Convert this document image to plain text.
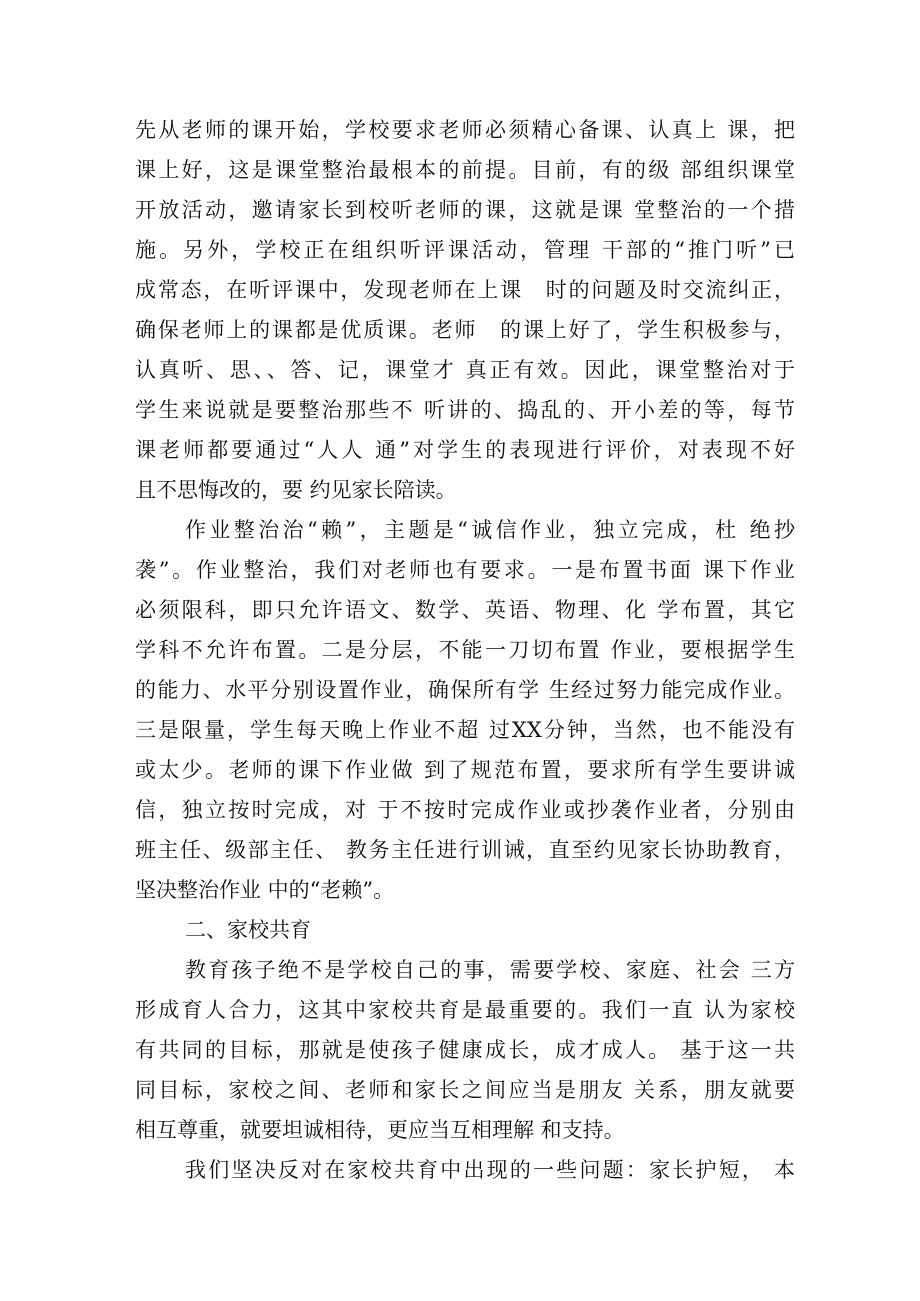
先从老师的课开始，学校要求老师必须精心备课、认真上 课，把
课上好，这是课堂整治最根本的前提。目前，有的级 部组织课堂
开放活动，邀请家长到校听老师的课，这就是课 堂整治的一个措
施。另外，学校正在组织听评课活动，管理 干部的“推门听”已
成常态，在听评课中，发现老师在上课　时的问题及时交流纠正，
确保老师上的课都是优质课。老师　的课上好了，学生积极参与，
认真听、思、、答、记，课堂才 真正有效。因此，课堂整治对于
学生来说就是要整治那些不 听讲的、捣乱的、开小差的等，每节
课老师都要通过“人人 通”对学生的表现进行评价，对表现不好
且不思悔改的，要 约见家长陪读。
作业整治治“赖”，主题是“诚信作业，独立完成，杜 绝抄
袭”。作业整治，我们对老师也有要求。一是布置书面 课下作业
必须限科，即只允许语文、数学、英语、物理、化 学布置，其它
学科不允许布置。二是分层，不能一刀切布置 作业，要根据学生
的能力、水平分别设置作业，确保所有学 生经过努力能完成作业。
三是限量，学生每天晚上作业不超 过XX分钟，当然，也不能没有
或太少。老师的课下作业做 到了规范布置，要求所有学生要讲诚
信，独立按时完成，对 于不按时完成作业或抄袭作业者，分别由
班主任、级部主任、 教务主任进行训诫，直至约见家长协助教育，
坚决整治作业 中的“老赖”。
二、家校共育
教育孩子绝不是学校自己的事，需要学校、家庭、社会 三方
形成育人合力，这其中家校共育是最重要的。我们一直 认为家校
有共同的目标，那就是使孩子健康成长，成才成人。 基于这一共
同目标，家校之间、老师和家长之间应当是朋友 关系，朋友就要
相互尊重，就要坦诚相待，更应当互相理解 和支持。
我们坚决反对在家校共育中出现的一些问题：家长护短， 本
